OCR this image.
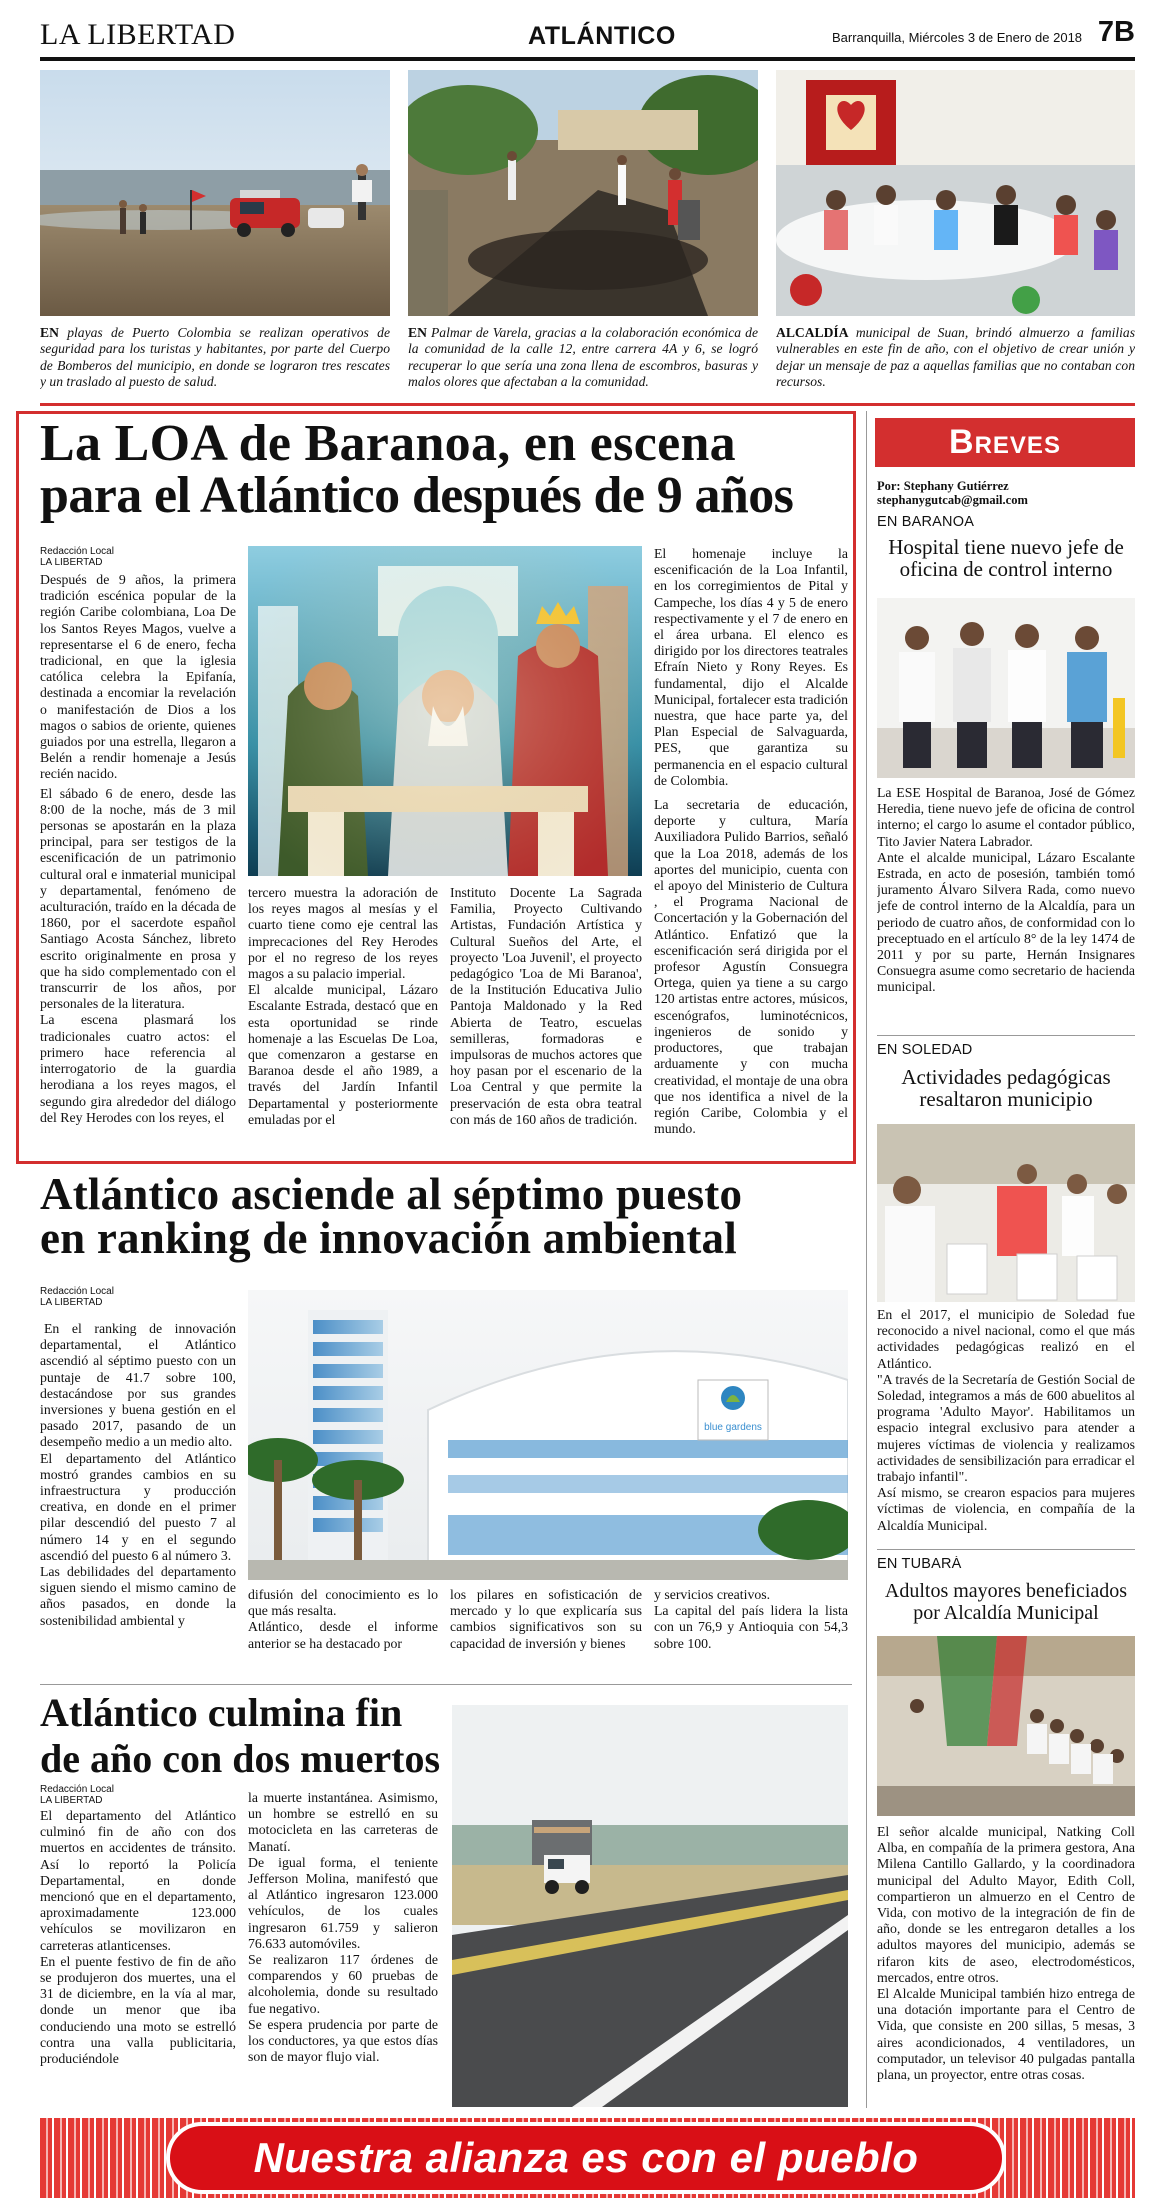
LA LIBERTAD	ATLÁNTICO	Barranquilla, Miércoles 3 de Enero de 2018 7B
EN playas de Puerto Colombia se realizan operativos de seguridad para los turistas y habitantes, por parte del Cuerpo de Bomberos del municipio, en donde se lograron tres rescates y un traslado al puesto de salud.
EN Palmar de Varela, gracias a la colaboración económica de la comunidad de la calle 12, entre carrera 4A y 6, se logró recuperar lo que sería una zona llena de escombros, basuras y malos olores que afectaban a la comunidad.
ALCALDÍA municipal de Suan, brindó almuerzo a familias vulnerables en este fin de año, con el objetivo de crear unión y dejar un mensaje de paz a aquellas familias que no contaban con recursos.
La LOA de Baranoa, en escena
para el Atlántico después de 9 años
Redacción Local
LA LIBERTAD

Después de 9 años, la primera tradición escénica popular de la región Caribe colombiana, Loa De los Santos Reyes Magos, vuelve a representarse el 6 de enero, fecha tradicional, en que la iglesia católica celebra la Epifanía, destinada a encomiar la revelación o manifestación de Dios a los magos o sabios de oriente, quienes guiados por una estrella, llegaron a Belén a rendir homenaje a Jesús recién nacido.

El sábado 6 de enero, desde las 8:00 de la noche, más de 3 mil personas se apostarán en la plaza principal, para ser testigos de la escenificación de un patrimonio cultural oral e inmaterial municipal y departamental, fenómeno de aculturación, traído en la década de 1860, por el sacerdote español Santiago Acosta Sánchez, libreto escrito originalmente en prosa y que ha sido complementado con el transcurrir de los años, por personales de la literatura.

La escena plasmará los tradicionales cuatro actos: el primero hace referencia al interrogatorio de la guardia herodiana a los reyes magos, el segundo gira alrededor del diálogo del Rey Herodes con los reyes, el

tercero muestra la adoración de los reyes magos al mesías y el cuarto tiene como eje central las imprecaciones del Rey Herodes por el no regreso de los reyes magos a su palacio imperial.

El alcalde municipal, Lázaro Escalante Estrada, destacó que en esta oportunidad se rinde homenaje a las Escuelas De Loa, que comenzaron a gestarse en Baranoa desde el año 1989, a través del Jardín Infantil Departamental y posteriormente emuladas por el

Instituto Docente La Sagrada Familia, Proyecto Cultivando Artistas, Fundación Artística y Cultural Sueños del Arte, el proyecto 'Loa Juvenil', el proyecto pedagógico 'Loa de Mi Baranoa', de la Institución Educativa Julio Pantoja Maldonado y la Red Abierta de Teatro, escuelas semilleras, formadoras e impulsoras de muchos actores que hoy pasan por el escenario de la Loa Central y que permite la preservación de esta obra teatral con más de 160 años de tradición.

El homenaje incluye la escenificación de la Loa Infantil, en los corregimientos de Pital y Campeche, los días 4 y 5 de enero respectivamente y el 7 de enero en el área urbana. El elenco es dirigido por los directores teatrales Efraín Nieto y Rony Reyes. Es fundamental, dijo el Alcalde Municipal, fortalecer esta tradición nuestra, que hace parte ya, del Plan Especial de Salvaguarda, PES, que garantiza su permanencia en el espacio cultural de Colombia.

La secretaria de educación, deporte y cultura, María Auxiliadora Pulido Barrios, señaló que la Loa 2018, además de los aportes del municipio, cuenta con el apoyo del Ministerio de Cultura , el Programa Nacional de Concertación y la Gobernación del Atlántico. Enfatizó que la escenificación será dirigida por el profesor Agustín Consuegra Ortega, quien ya tiene a su cargo 120 artistas entre actores, músicos, escenógrafos, luminotécnicos, ingenieros de sonido y productores, que trabajan arduamente y con mucha creatividad, el montaje de una obra que nos identifica a nivel de la región Caribe, Colombia y el mundo.

Atlántico asciende al séptimo puesto
en ranking de innovación ambiental
Redacción Local
LA LIBERTAD

En el ranking de innovación departamental, el Atlántico ascendió al séptimo puesto con un puntaje de 41.7 sobre 100, destacándose por sus grandes inversiones y buena gestión en el pasado 2017, pasando de un desempeño medio a un medio alto.

El departamento del Atlántico mostró grandes cambios en su infraestructura y producción creativa, en donde en el primer pilar descendió del puesto 7 al número 14 y en el segundo ascendió del puesto 6 al número 3.

Las debilidades del departamento siguen siendo el mismo camino de años pasados, en donde la sostenibilidad ambiental y

blue gardens

difusión del conocimiento es lo que más resalta.

Atlántico, desde el informe anterior se ha destacado por

los pilares en sofisticación de mercado y lo que explicaría sus cambios significativos son su capacidad de inversión y bienes

y servicios creativos.

La capital del país lidera la lista con un 76,9 y Antioquia con 54,3 sobre 100.

Atlántico culmina fin
de año con dos muertos
Redacción Local
LA LIBERTAD

El departamento del Atlántico culminó fin de año con dos muertos en accidentes de tránsito. Así lo reportó la Policía Departamental, en donde mencionó que en el departamento, aproximadamente 123.000 vehículos se movilizaron en carreteras atlanticenses.

En el puente festivo de fin de año se produjeron dos muertes, una el 31 de diciembre, en la vía al mar, donde un menor que iba conduciendo una moto se estrelló contra una valla publicitaria, produciéndole

la muerte instantánea. Asimismo, un hombre se estrelló en su motocicleta en las carreteras de Manatí.

De igual forma, el teniente Jefferson Molina, manifestó que al Atlántico ingresaron 123.000 vehículos, de los cuales ingresaron 61.759 y salieron 76.633 automóviles.

Se realizaron 117 órdenes de comparendos y 60 pruebas de alcoholemia, donde su resultado fue negativo.

Se espera prudencia por parte de los conductores, ya que estos días son de mayor flujo vial.

Breves
Por: Stephany Gutiérrez
stephanygutcab@gmail.com
EN BARANOA
Hospital tiene nuevo jefe de oficina de control interno

La ESE Hospital de Baranoa, José de Gómez Heredia, tiene nuevo jefe de oficina de control interno; el cargo lo asume el contador público, Tito Javier Natera Labrador.

Ante el alcalde municipal, Lázaro Escalante Estrada, en acto de posesión, también tomó juramento Álvaro Silvera Rada, como nuevo jefe de control interno de la Alcaldía, para un periodo de cuatro años, de conformidad con lo preceptuado en el artículo 8° de la ley 1474 de 2011 y por su parte, Hernán Insignares Consuegra asume como secretario de hacienda municipal.

EN SOLEDAD
Actividades pedagógicas resaltaron municipio

En el 2017, el municipio de Soledad fue reconocido a nivel nacional, como el que más actividades pedagógicas realizó en el Atlántico.

"A través de la Secretaría de Gestión Social de Soledad, integramos a más de 600 abuelitos al programa 'Adulto Mayor'. Habilitamos un espacio integral exclusivo para atender a mujeres víctimas de violencia y realizamos actividades de sensibilización para erradicar el trabajo infantil".

Así mismo, se crearon espacios para mujeres víctimas de violencia, en compañía de la Alcaldía Municipal.

EN TUBARÁ
Adultos mayores beneficiados por Alcaldía Municipal

El señor alcalde municipal, Natking Coll Alba, en compañía de la primera gestora, Ana Milena Cantillo Gallardo, y la coordinadora municipal del Adulto Mayor, Edith Coll, compartieron un almuerzo en el Centro de Vida, con motivo de la integración de fin de año, donde se les entregaron detalles a los adultos mayores del municipio, además se rifaron kits de aseo, electrodomésticos, mercados, entre otros.

El Alcalde Municipal también hizo entrega de una dotación importante para el Centro de Vida, que consiste en 200 sillas, 5 mesas, 3 aires acondicionados, 4 ventiladores, un computador, un televisor 40 pulgadas pantalla plana, un proyector, entre otras cosas.

Nuestra alianza es con el pueblo
